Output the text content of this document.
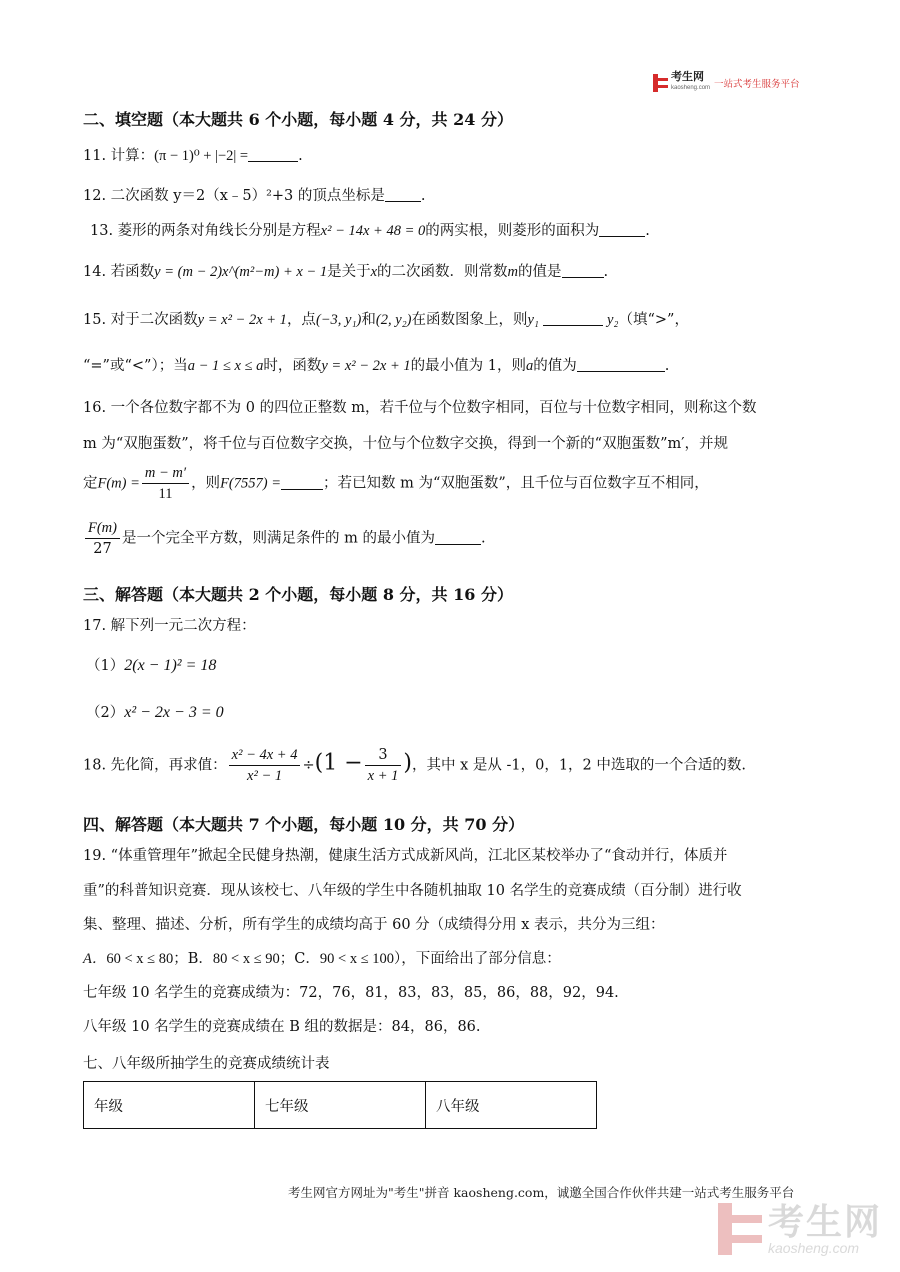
考生网
kaosheng.com 一站式考生服务平台
二、填空题（本大题共 6 个小题，每小题 4 分，共 24 分）
11. 计算：(π − 1)⁰ + |−2| =	.
12. 二次函数 y＝2（x﹣5）²+3 的顶点坐标是 .
13. 菱形的两条对角线长分别是方程x² − 14x + 48 = 0的两实根，则菱形的面积为	.
14. 若函数y = (m − 2)x^(m²−m) + x − 1是关于x的二次函数．则常数m的值是	.
15. 对于二次函数y = x² − 2x + 1，点(−3, y₁)和(2, y₂)在函数图象上，则y₁	y₂（填“>”，
“=”或“<”）；当a − 1 ≤ x ≤ a时，函数y = x² − 2x + 1的最小值为 1，则a的值为	.
16. 一个各位数字都不为 0 的四位正整数 m，若千位与个位数字相同，百位与十位数字相同，则称这个数
m 为“双胞蛋数”，将千位与百位数字交换，十位与个位数字交换，得到一个新的“双胞蛋数”m′，并规
定$F(m) = \frac{m - m'}{11}$ ，则F(7557) =	；若已知数 m 为“双胞蛋数”，且千位与百位数字互不相同，
$\frac{F(m)}{27}$ 是一个完全平方数，则满足条件的 m 的最小值为	.
三、解答题（本大题共 2 个小题，每小题 8 分，共 16 分）
17. 解下列一元二次方程：
（1）2(x − 1)² = 18
（2）x² − 2x − 3 = 0
18. 先化简，再求值： $\frac{\text{x² − 4x + 4}}{\text{x² − 1}} \div(1 - \frac{3}{x + 1}$ )，其中 x 是从 -1，0，1，2 中选取的一个合适的数.
四、解答题（本大题共 7 个小题，每小题 10 分，共 70 分）
19. “体重管理年”掀起全民健身热潮，健康生活方式成新风尚，江北区某校举办了“食动并行，体质并
重”的科普知识竞赛．现从该校七、八年级的学生中各随机抽取 10 名学生的竞赛成绩（百分制）进行收
集、整理、描述、分析，所有学生的成绩均高于 60 分（成绩得分用 x 表示，共分为三组：
A．60 < x ≤ 80；B．80 < x ≤ 90；C．90 < x ≤ 100），下面给出了部分信息：
七年级 10 名学生的竞赛成绩为：72，76，81，83，83，85，86，88，92，94.
八年级 10 名学生的竞赛成绩在 B 组的数据是：84，86，86.
七、八年级所抽学生的竞赛成绩统计表
年级	七年级	八年级
考生网官方网址为"考生"拼音 kaosheng.com，诚邀全国合作伙伴共建一站式考生服务平台
考生网
kaosheng.com
